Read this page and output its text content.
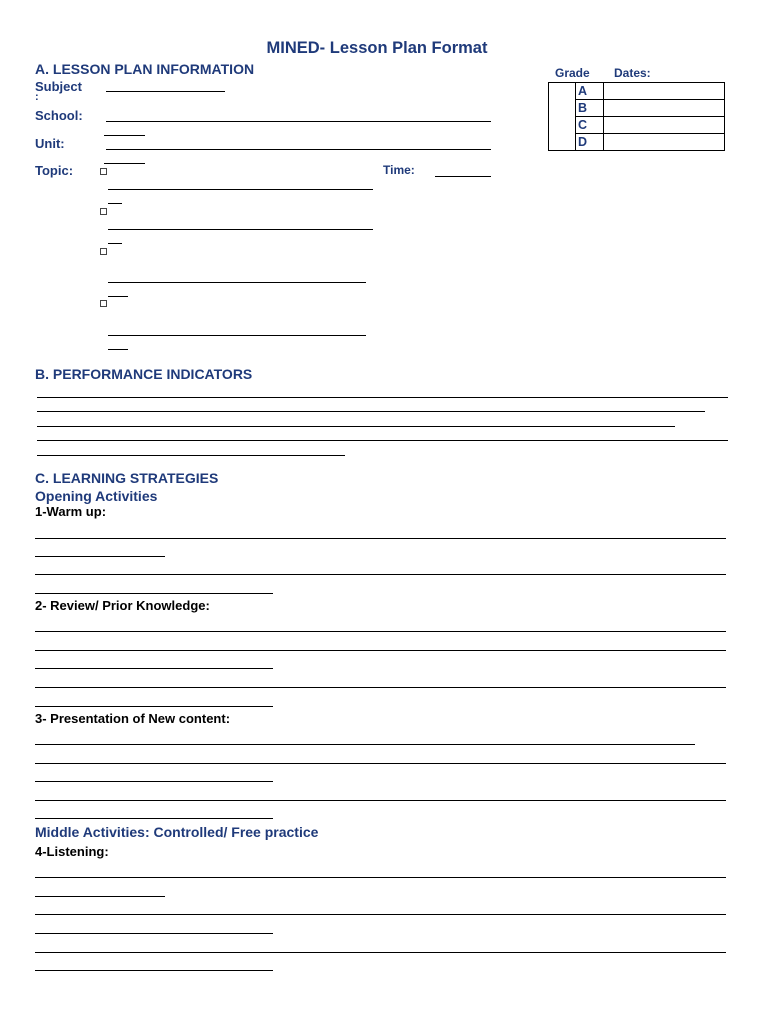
MINED- Lesson Plan Format
A. LESSON PLAN INFORMATION
Subject
:
School:
Unit:
Topic:	Time:
Grade Dates:
	A	
	B	
	C	
	D	
B. PERFORMANCE INDICATORS
C. LEARNING STRATEGIES
Opening Activities
1-Warm up:
2- Review/ Prior Knowledge:
3- Presentation of New content:
Middle Activities: Controlled/ Free practice
4-Listening:
